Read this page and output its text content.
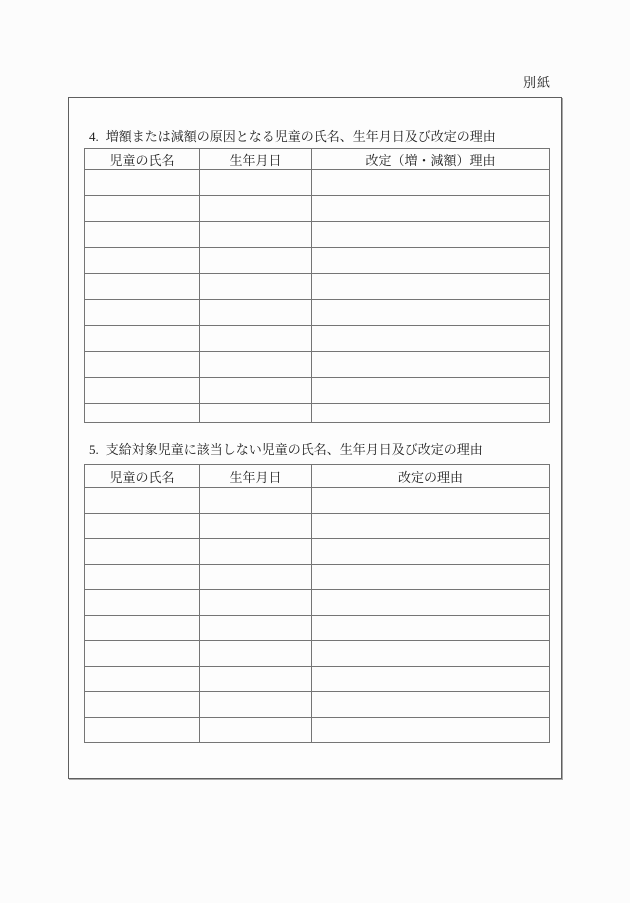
別紙
4. 増額または減額の原因となる児童の氏名、生年月日及び改定の理由
児童の氏名	生年月日	改定（増・減額）理由

5. 支給対象児童に該当しない児童の氏名、生年月日及び改定の理由
児童の氏名	生年月日	改定の理由
